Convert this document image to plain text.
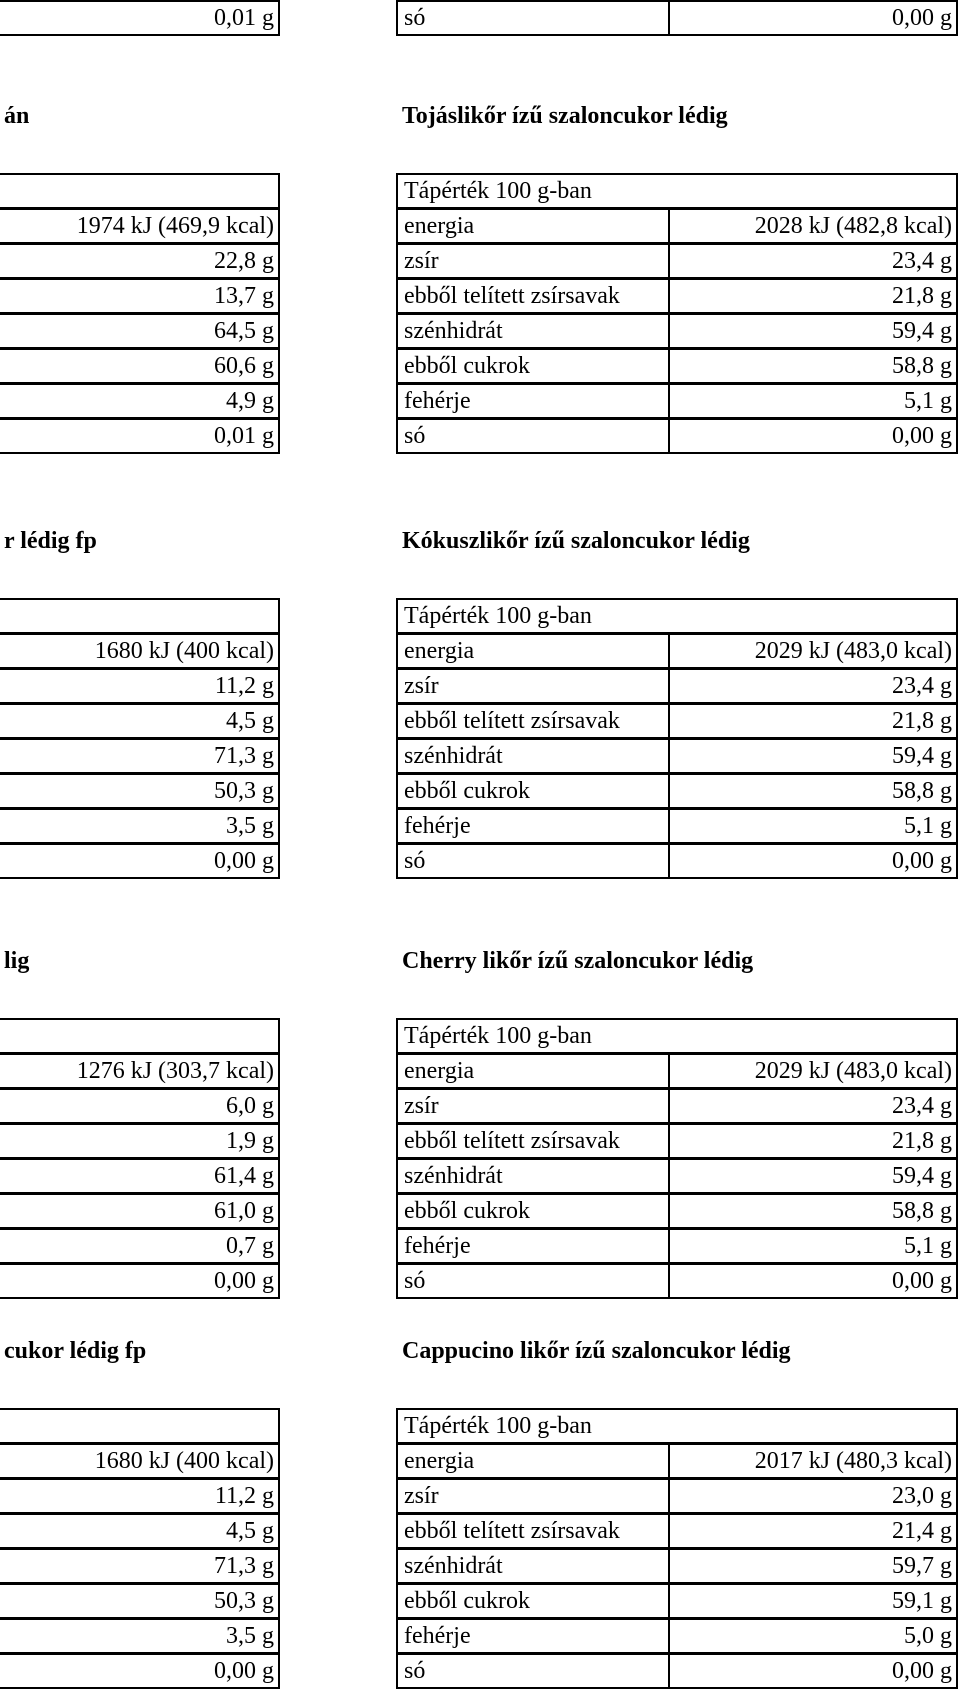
0,01 g	só	0,00 g
án	Tojáslikőr ízű szaloncukor lédig
Tápérték 100 g-ban
1974 kJ (469,9 kcal)	energia	2028 kJ (482,8 kcal)
22,8 g	zsír	23,4 g
13,7 g	ebből telített zsírsavak	21,8 g
64,5 g	szénhidrát	59,4 g
60,6 g	ebből cukrok	58,8 g
4,9 g	fehérje	5,1 g
0,01 g	só	0,00 g
r lédig fp	Kókuszlikőr ízű szaloncukor lédig
Tápérték 100 g-ban
1680 kJ (400 kcal)	energia	2029 kJ (483,0 kcal)
11,2 g	zsír	23,4 g
4,5 g	ebből telített zsírsavak	21,8 g
71,3 g	szénhidrát	59,4 g
50,3 g	ebből cukrok	58,8 g
3,5 g	fehérje	5,1 g
0,00 g	só	0,00 g
lig	Cherry likőr ízű szaloncukor lédig
Tápérték 100 g-ban
1276 kJ (303,7 kcal)	energia	2029 kJ (483,0 kcal)
6,0 g	zsír	23,4 g
1,9 g	ebből telített zsírsavak	21,8 g
61,4 g	szénhidrát	59,4 g
61,0 g	ebből cukrok	58,8 g
0,7 g	fehérje	5,1 g
0,00 g	só	0,00 g
cukor lédig fp	Cappucino likőr ízű szaloncukor lédig
Tápérték 100 g-ban
1680 kJ (400 kcal)	energia	2017 kJ (480,3 kcal)
11,2 g	zsír	23,0 g
4,5 g	ebből telített zsírsavak	21,4 g
71,3 g	szénhidrát	59,7 g
50,3 g	ebből cukrok	59,1 g
3,5 g	fehérje	5,0 g
0,00 g	só	0,00 g
